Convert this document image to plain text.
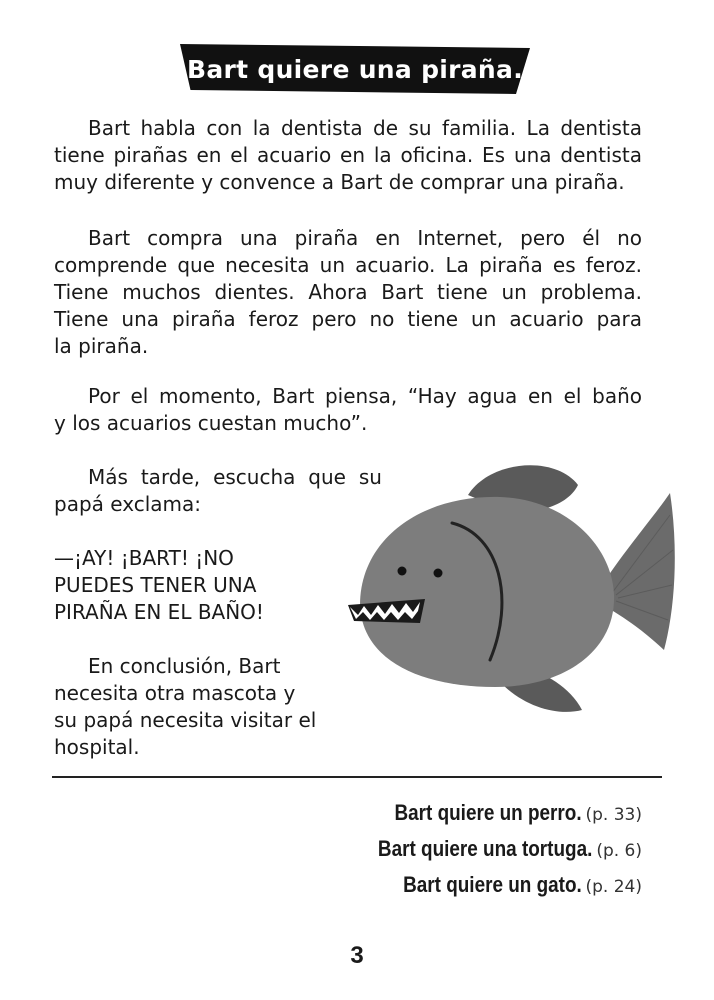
Bart quiere una piraña.

Bart habla con la dentista de su familia. La dentista
tiene pirañas en el acuario en la oficina. Es una dentista
muy diferente y convence a Bart de comprar una piraña.

Bart compra una piraña en Internet, pero él no
comprende que necesita un acuario. La piraña es feroz.
Tiene muchos dientes. Ahora Bart tiene un problema.
Tiene una piraña feroz pero no tiene un acuario para
la piraña.

Por el momento, Bart piensa, “Hay agua en el baño
y los acuarios cuestan mucho”.

Más tarde, escucha que su
papá exclama:

—¡AY! ¡BART! ¡NO
PUEDES TENER UNA
PIRAÑA EN EL BAÑO!
En conclusión, Bart
necesita otra mascota y
su papá necesita visitar el
hospital.
Bart quiere un perro. (p. 33)
Bart quiere una tortuga. (p. 6)
Bart quiere un gato. (p. 24)
3
